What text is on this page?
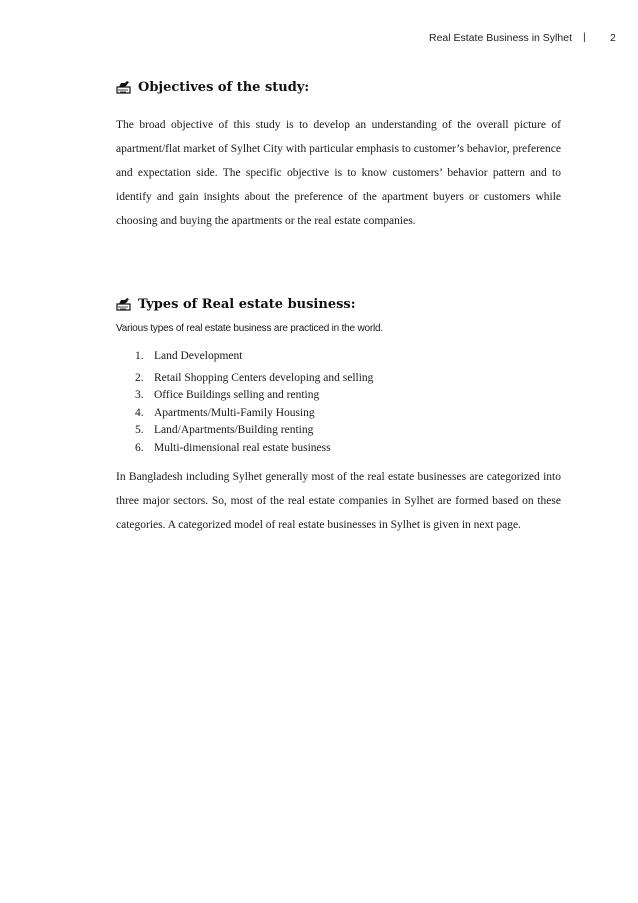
Real Estate Business in Sylhet | 2
Objectives of the study:

The broad objective of this study is to develop an understanding of the overall picture of apartment/flat market of Sylhet City with particular emphasis to customer’s behavior, preference and expectation side. The specific objective is to know customers’ behavior pattern and to identify and gain insights about the preference of the apartment buyers or customers while choosing and buying the apartments or the real estate companies.

Types of Real estate business:

Various types of real estate business are practiced in the world.

1. Land Development
2. Retail Shopping Centers developing and selling
3. Office Buildings selling and renting
4. Apartments/Multi-Family Housing
5. Land/Apartments/Building renting
6. Multi-dimensional real estate business

In Bangladesh including Sylhet generally most of the real estate businesses are categorized into three major sectors. So, most of the real estate companies in Sylhet are formed based on these categories. A categorized model of real estate businesses in Sylhet is given in next page.
